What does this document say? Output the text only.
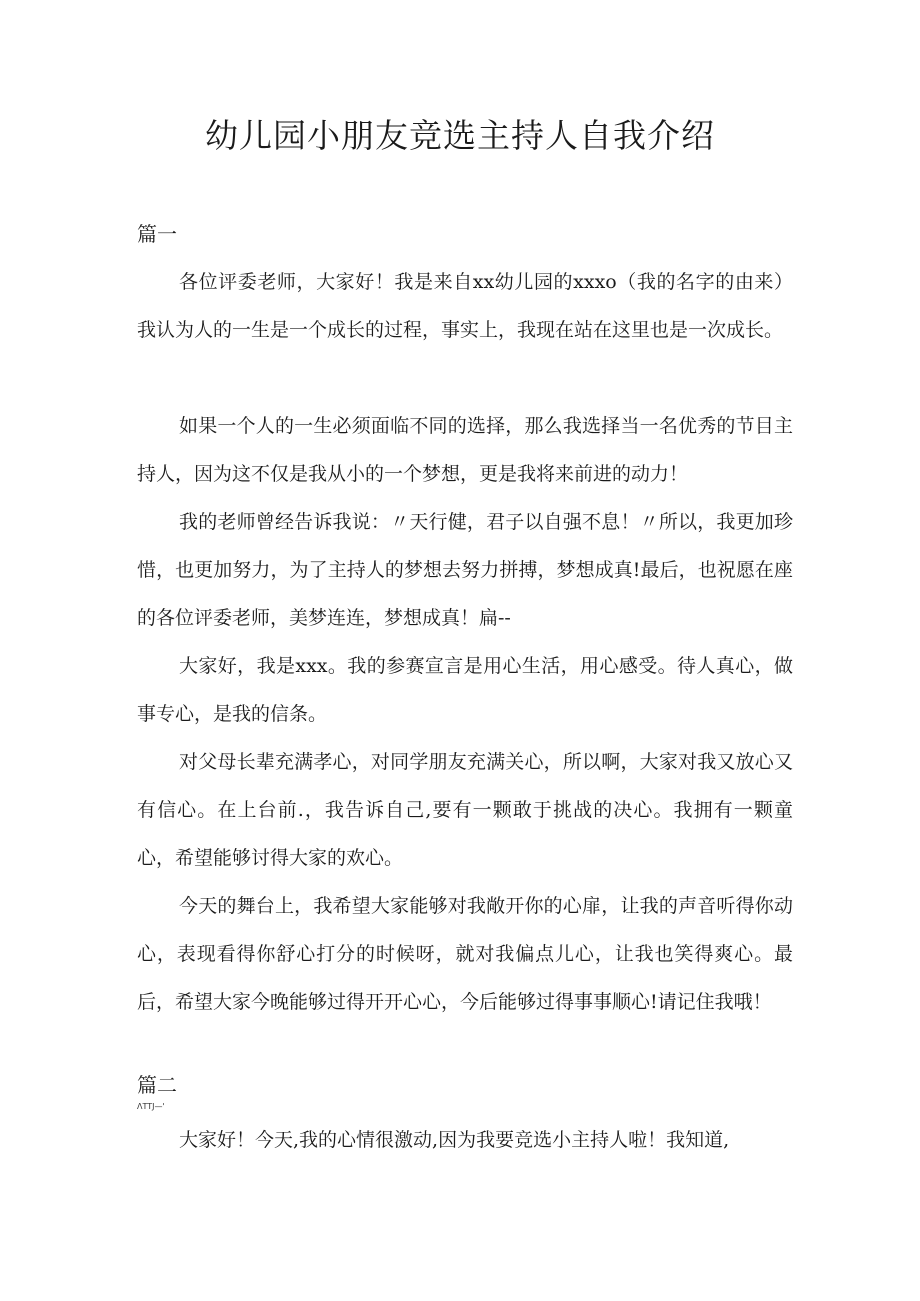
幼儿园小朋友竞选主持人自我介绍
篇一

各位评委老师，大家好！我是来自xx幼儿园的xxxo（我的名字的由来）我认为人的一生是一个成长的过程，事实上，我现在站在这里也是一次成长。

如果一个人的一生必须面临不同的选择，那么我选择当一名优秀的节目主持人，因为这不仅是我从小的一个梦想，更是我将来前进的动力！

我的老师曾经告诉我说：〃天行健，君子以自强不息！〃所以，我更加珍惜，也更加努力，为了主持人的梦想去努力拼搏，梦想成真!最后，也祝愿在座的各位评委老师，美梦连连，梦想成真！扁--

大家好，我是xxx。我的参赛宣言是用心生活，用心感受。待人真心，做事专心，是我的信条。

对父母长辈充满孝心，对同学朋友充满关心，所以啊，大家对我又放心又有信心。在上台前.，我告诉自己,要有一颗敢于挑战的决心。我拥有一颗童心，希望能够讨得大家的欢心。

今天的舞台上，我希望大家能够对我敞开你的心扉，让我的声音听得你动心，表现看得你舒心打分的时候呀，就对我偏点儿心，让我也笑得爽心。最后，希望大家今晚能够过得开开心心，今后能够过得事事顺心!请记住我哦！

篇二
ΛTTJ—'

大家好！今天,我的心情很激动,因为我要竞选小主持人啦！我知道,
